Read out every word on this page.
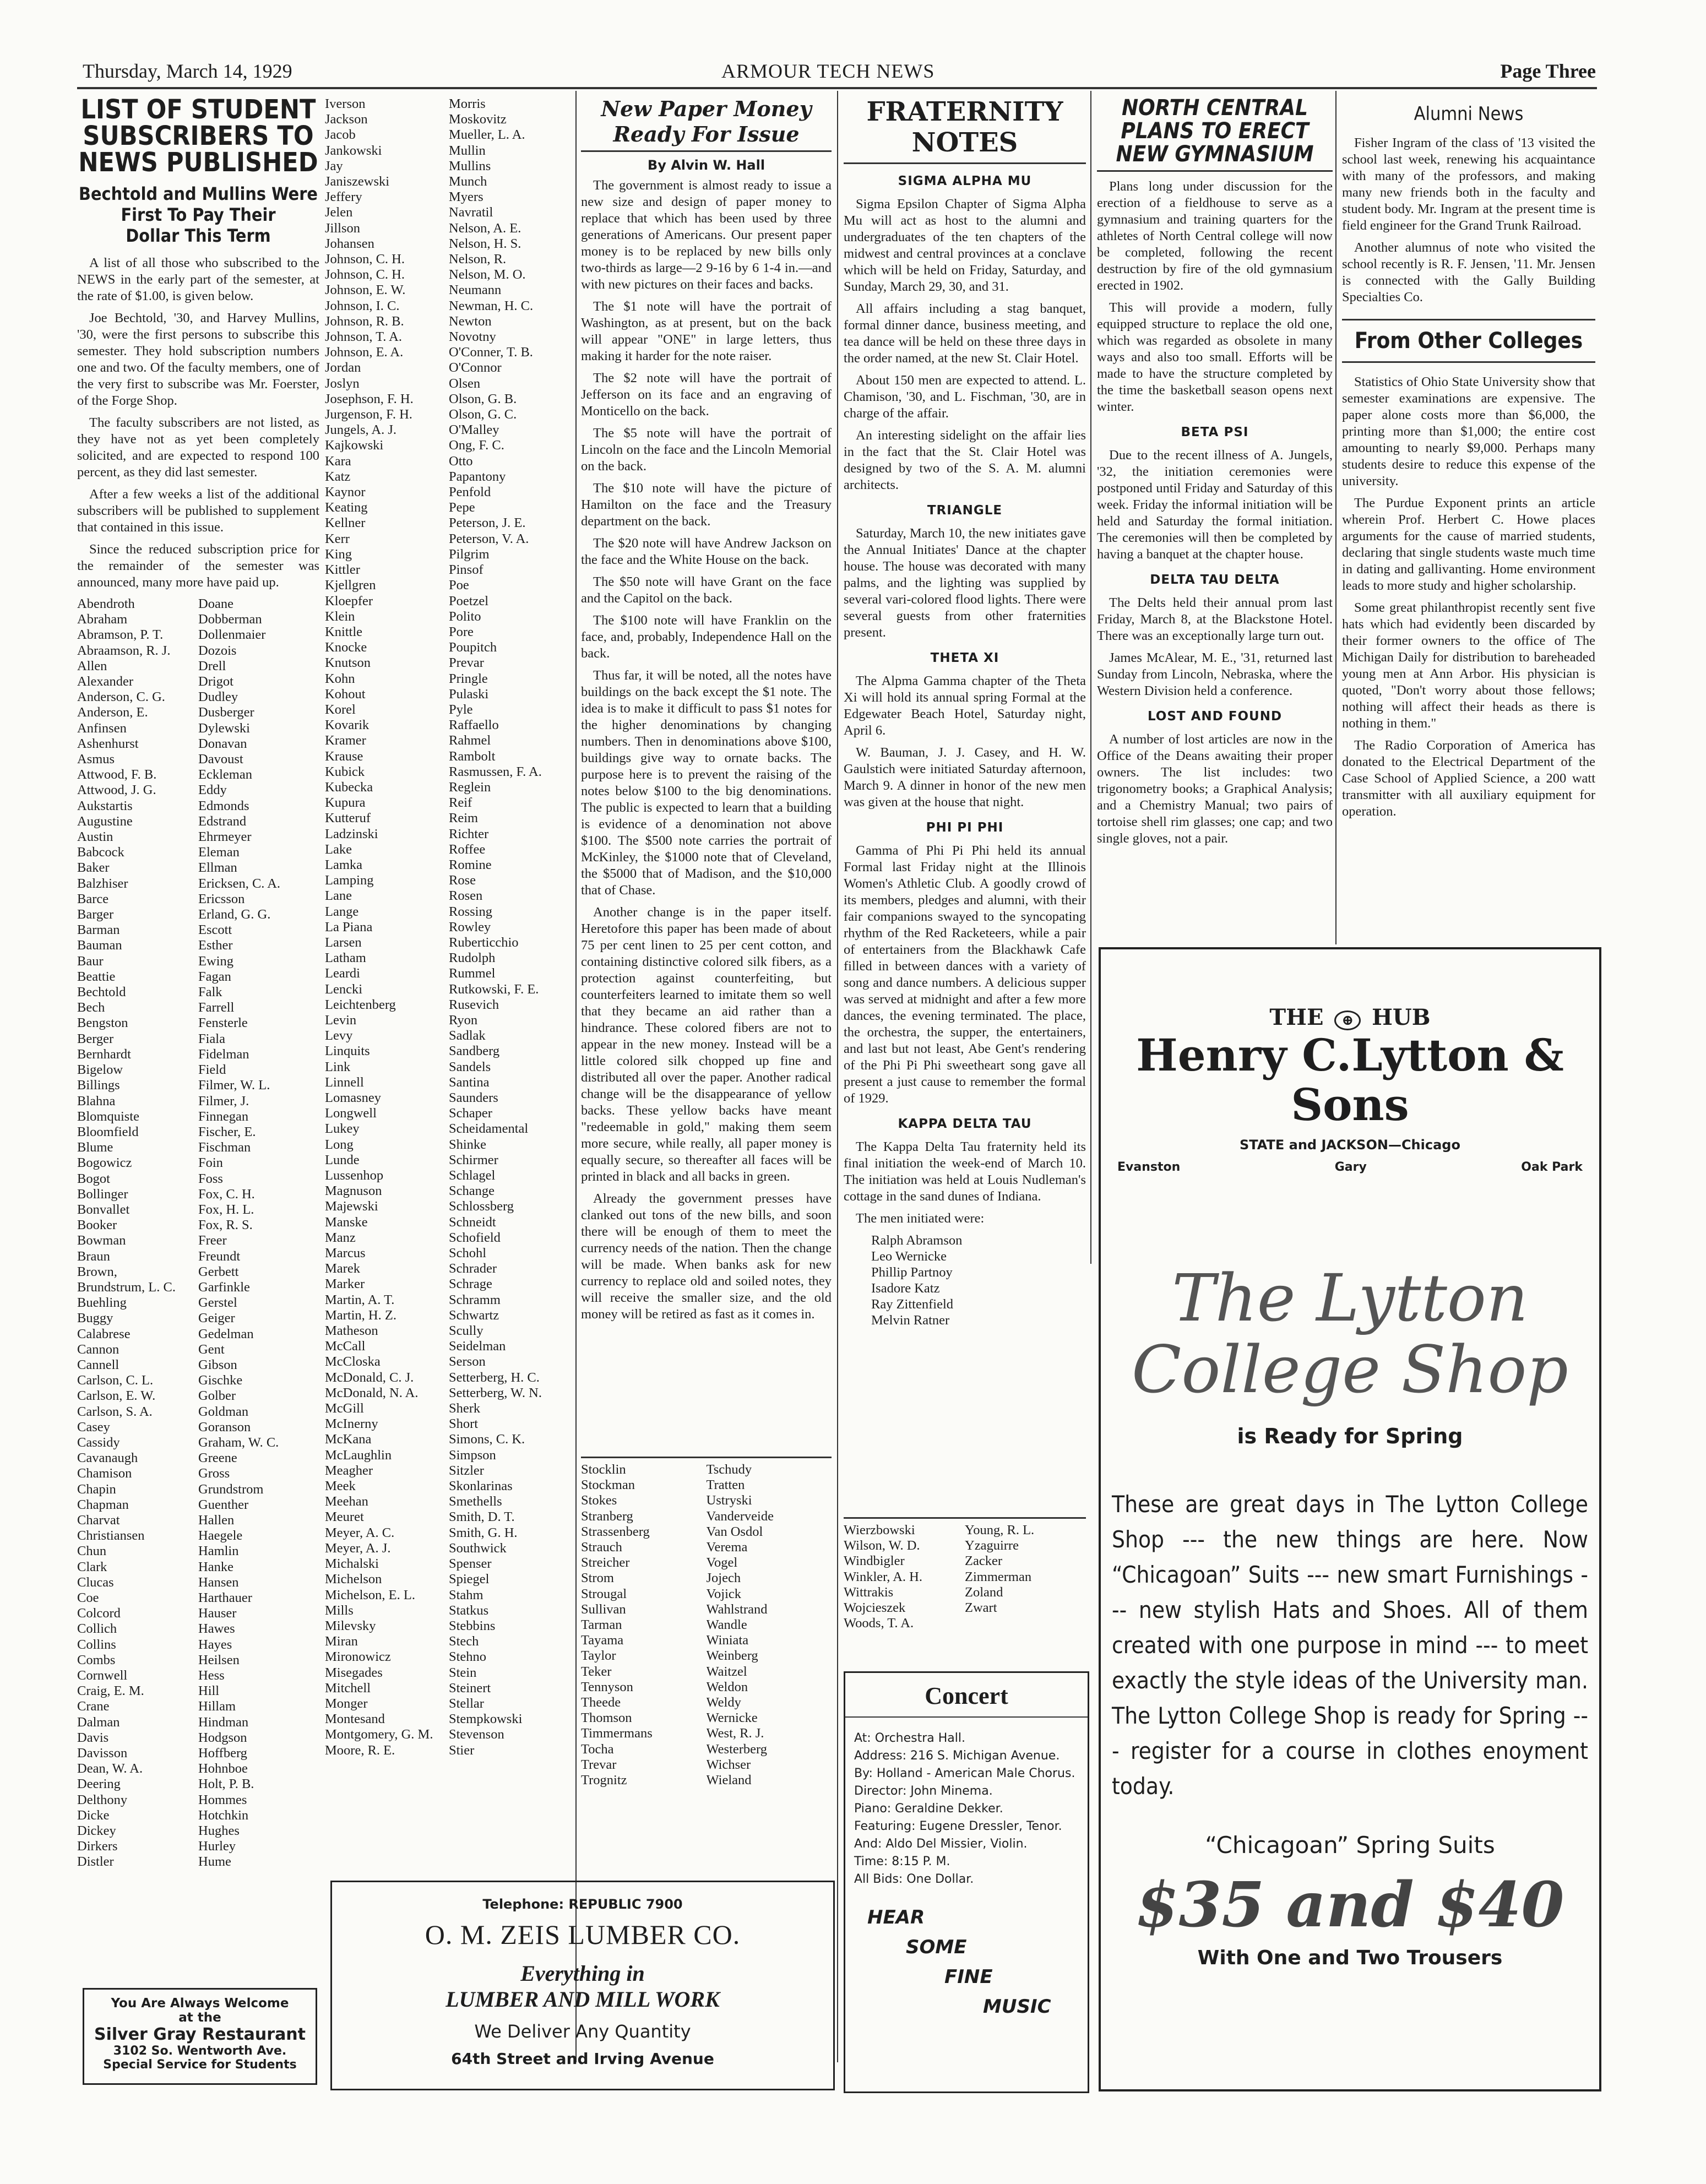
Thursday, March 14, 1929	ARMOUR TECH NEWS	Page Three
LIST OF STUDENT
SUBSCRIBERS TO
NEWS PUBLISHED
Bechtold and Mullins Were
First To Pay Their
Dollar This Term

A list of all those who subscribed to the NEWS in the early part of the semester, at the rate of $1.00, is given below.

Joe Bechtold, '30, and Harvey Mullins, '30, were the first persons to subscribe this semester. They hold subscription numbers one and two. Of the faculty members, one of the very first to subscribe was Mr. Foerster, of the Forge Shop.

The faculty subscribers are not listed, as they have not as yet been completely solicited, and are expected to respond 100 percent, as they did last semester.

After a few weeks a list of the additional subscribers will be published to supplement that contained in this issue.

Since the reduced subscription price for the remainder of the semester was announced, many more have paid up.

Abendroth	Doane
Abraham	Dobberman
Abramson, P. T.	Dollenmaier
Abraamson, R. J.	Dozois
Allen	Drell
Alexander	Drigot
Anderson, C. G.	Dudley
Anderson, E.	Dusberger
Anfinsen	Dylewski
Ashenhurst	Donavan
Asmus	Davoust
Attwood, F. B.	Eckleman
Attwood, J. G.	Eddy
Aukstartis	Edmonds
Augustine	Edstrand
Austin	Ehrmeyer
Babcock	Eleman
Baker	Ellman
Balzhiser	Ericksen, C. A.
Barce	Ericsson
Barger	Erland, G. G.
Barman	Escott
Bauman	Esther
Baur	Ewing
Beattie	Fagan
Bechtold	Falk
Bech	Farrell
Bengston	Fensterle
Berger	Fiala
Bernhardt	Fidelman
Bigelow	Field
Billings	Filmer, W. L.
Blahna	Filmer, J.
Blomquiste	Finnegan
Bloomfield	Fischer, E.
Blume	Fischman
Bogowicz	Foin
Bogot	Foss
Bollinger	Fox, C. H.
Bonvallet	Fox, H. L.
Booker	Fox, R. S.
Bowman	Freer
Braun	Freundt
Brown,	Gerbett
Brundstrum, L. C.	Garfinkle
Buehling	Gerstel
Buggy	Geiger
Calabrese	Gedelman
Cannon	Gent
Cannell	Gibson
Carlson, C. L.	Gischke
Carlson, E. W.	Golber
Carlson, S. A.	Goldman
Casey	Goranson
Cassidy	Graham, W. C.
Cavanaugh	Greene
Chamison	Gross
Chapin	Grundstrom
Chapman	Guenther
Charvat	Hallen
Christiansen	Haegele
Chun	Hamlin
Clark	Hanke
Clucas	Hansen
Coe	Harthauer
Colcord	Hauser
Collich	Hawes
Collins	Hayes
Combs	Heilsen
Cornwell	Hess
Craig, E. M.	Hill
Crane	Hillam
Dalman	Hindman
Davis	Hodgson
Davisson	Hoffberg
Dean, W. A.	Hohnboe
Deering	Holt, P. B.
Delthony	Hommes
Dicke	Hotchkin
Dickey	Hughes
Dirkers	Hurley
Distler	Hume
Iverson	Morris
Jackson	Moskovitz
Jacob	Mueller, L. A.
Jankowski	Mullin
Jay	Mullins
Janiszewski	Munch
Jeffery	Myers
Jelen	Navratil
Jillson	Nelson, A. E.
Johansen	Nelson, H. S.
Johnson, C. H.	Nelson, R.
Johnson, C. H.	Nelson, M. O.
Johnson, E. W.	Neumann
Johnson, I. C.	Newman, H. C.
Johnson, R. B.	Newton
Johnson, T. A.	Novotny
Johnson, E. A.	O'Conner, T. B.
Jordan	O'Connor
Joslyn	Olsen
Josephson, F. H.	Olson, G. B.
Jurgenson, F. H.	Olson, G. C.
Jungels, A. J.	O'Malley
Kajkowski	Ong, F. C.
Kara	Otto
Katz	Papantony
Kaynor	Penfold
Keating	Pepe
Kellner	Peterson, J. E.
Kerr	Peterson, V. A.
King	Pilgrim
Kittler	Pinsof
Kjellgren	Poe
Kloepfer	Poetzel
Klein	Polito
Knittle	Pore
Knocke	Poupitch
Knutson	Prevar
Kohn	Pringle
Kohout	Pulaski
Korel	Pyle
Kovarik	Raffaello
Kramer	Rahmel
Krause	Rambolt
Kubick	Rasmussen, F. A.
Kubecka	Reglein
Kupura	Reif
Kutteruf	Reim
Ladzinski	Richter
Lake	Roffee
Lamka	Romine
Lamping	Rose
Lane	Rosen
Lange	Rossing
La Piana	Rowley
Larsen	Ruberticchio
Latham	Rudolph
Leardi	Rummel
Lencki	Rutkowski, F. E.
Leichtenberg	Rusevich
Levin	Ryon
Levy	Sadlak
Linquits	Sandberg
Link	Sandels
Linnell	Santina
Lomasney	Saunders
Longwell	Schaper
Lukey	Scheidamental
Long	Shinke
Lunde	Schirmer
Lussenhop	Schlagel
Magnuson	Schange
Majewski	Schlossberg
Manske	Schneidt
Manz	Schofield
Marcus	Schohl
Marek	Schrader
Marker	Schrage
Martin, A. T.	Schramm
Martin, H. Z.	Schwartz
Matheson	Scully
McCall	Seidelman
McCloska	Serson
McDonald, C. J.	Setterberg, H. C.
McDonald, N. A.	Setterberg, W. N.
McGill	Sherk
McInerny	Short
McKana	Simons, C. K.
McLaughlin	Simpson
Meagher	Sitzler
Meek	Skonlarinas
Meehan	Smethells
Meuret	Smith, D. T.
Meyer, A. C.	Smith, G. H.
Meyer, A. J.	Southwick
Michalski	Spenser
Michelson	Spiegel
Michelson, E. L.	Stahm
Mills	Statkus
Milevsky	Stebbins
Miran	Stech
Mironowicz	Stehno
Misegades	Stein
Mitchell	Steinert
Monger	Stellar
Montesand	Stempkowski
Montgomery, G. M.	Stevenson
Moore, R. E.	Stier
You Are Always Welcome
at the
Silver Gray Restaurant
3102 So. Wentworth Ave.
Special Service for Students
New Paper Money
Ready For Issue
By Alvin W. Hall

The government is almost ready to issue a new size and design of paper money to replace that which has been used by three generations of Americans. Our present paper money is to be replaced by new bills only two-thirds as large—2 9-16 by 6 1-4 in.—and with new pictures on their faces and backs.

The $1 note will have the portrait of Washington, as at present, but on the back will appear "ONE" in large letters, thus making it harder for the note raiser.

The $2 note will have the portrait of Jefferson on its face and an engraving of Monticello on the back.

The $5 note will have the portrait of Lincoln on the face and the Lincoln Memorial on the back.

The $10 note will have the picture of Hamilton on the face and the Treasury department on the back.

The $20 note will have Andrew Jackson on the face and the White House on the back.

The $50 note will have Grant on the face and the Capitol on the back.

The $100 note will have Franklin on the face, and, probably, Independence Hall on the back.

Thus far, it will be noted, all the notes have buildings on the back except the $1 note. The idea is to make it difficult to pass $1 notes for the higher denominations by changing numbers. Then in denominations above $100, buildings give way to ornate backs. The purpose here is to prevent the raising of the notes below $100 to the big denominations. The public is expected to learn that a building is evidence of a denomination not above $100. The $500 note carries the portrait of McKinley, the $1000 note that of Cleveland, the $5000 that of Madison, and the $10,000 that of Chase.

Another change is in the paper itself. Heretofore this paper has been made of about 75 per cent linen to 25 per cent cotton, and containing distinctive colored silk fibers, as a protection against counterfeiting, but counterfeiters learned to imitate them so well that they became an aid rather than a hindrance. These colored fibers are not to appear in the new money. Instead will be a little colored silk chopped up fine and distributed all over the paper. Another radical change will be the disappearance of yellow backs. These yellow backs have meant "redeemable in gold," making them seem more secure, while really, all paper money is equally secure, so thereafter all faces will be printed in black and all backs in green.

Already the government presses have clanked out tons of the new bills, and soon there will be enough of them to meet the currency needs of the nation. Then the change will be made. When banks ask for new currency to replace old and soiled notes, they will receive the smaller size, and the old money will be retired as fast as it comes in.

Stocklin	Tschudy
Stockman	Tratten
Stokes	Ustryski
Stranberg	Vanderveide
Strassenberg	Van Osdol
Strauch	Verema
Streicher	Vogel
Strom	Jojech
Strougal	Vojick
Sullivan	Wahlstrand
Tarman	Wandle
Tayama	Winiata
Taylor	Weinberg
Teker	Waitzel
Tennyson	Weldon
Theede	Weldy
Thomson	Wernicke
Timmermans	West, R. J.
Tocha	Westerberg
Trevar	Wichser
Trognitz	Wieland
Telephone: REPUBLIC 7900
O. M. ZEIS LUMBER CO.
Everything in
LUMBER AND MILL WORK
We Deliver Any Quantity
64th Street and Irving Avenue
FRATERNITY
NOTES
SIGMA ALPHA MU

Sigma Epsilon Chapter of Sigma Alpha Mu will act as host to the alumni and undergraduates of the ten chapters of the midwest and central provinces at a conclave which will be held on Friday, Saturday, and Sunday, March 29, 30, and 31.

All affairs including a stag banquet, formal dinner dance, business meeting, and tea dance will be held on these three days in the order named, at the new St. Clair Hotel.

About 150 men are expected to attend. L. Chamison, '30, and L. Fischman, '30, are in charge of the affair.

An interesting sidelight on the affair lies in the fact that the St. Clair Hotel was designed by two of the S. A. M. alumni architects.

TRIANGLE

Saturday, March 10, the new initiates gave the Annual Initiates' Dance at the chapter house. The house was decorated with many palms, and the lighting was supplied by several vari-colored flood lights. There were several guests from other fraternities present.

THETA XI

The Alpma Gamma chapter of the Theta Xi will hold its annual spring Formal at the Edgewater Beach Hotel, Saturday night, April 6.

W. Bauman, J. J. Casey, and H. W. Gaulstich were initiated Saturday afternoon, March 9. A dinner in honor of the new men was given at the house that night.

PHI PI PHI

Gamma of Phi Pi Phi held its annual Formal last Friday night at the Illinois Women's Athletic Club. A goodly crowd of its members, pledges and alumni, with their fair companions swayed to the syncopating rhythm of the Red Racketeers, while a pair of entertainers from the Blackhawk Cafe filled in between dances with a variety of song and dance numbers. A delicious supper was served at midnight and after a few more dances, the evening terminated. The place, the orchestra, the supper, the entertainers, and last but not least, Abe Gent's rendering of the Phi Pi Phi sweetheart song gave all present a just cause to remember the formal of 1929.

KAPPA DELTA TAU

The Kappa Delta Tau fraternity held its final initiation the week-end of March 10. The initiation was held at Louis Nudleman's cottage in the sand dunes of Indiana.

The men initiated were:

Ralph Abramson
Leo Wernicke
Phillip Partnoy
Isadore Katz
Ray Zittenfield
Melvin Ratner
Wierzbowski	Young, R. L.
Wilson, W. D.	Yzaguirre
Windbigler	Zacker
Winkler, A. H.	Zimmerman
Wittrakis	Zoland
Wojcieszek	Zwart
Woods, T. A.
Concert
At: Orchestra Hall.
Address: 216 S. Michigan Avenue.
By: Holland - American Male Chorus.
Director: John Minema.
Piano: Geraldine Dekker.
Featuring: Eugene Dressler, Tenor.
And: Aldo Del Missier, Violin.
Time: 8:15 P. M.
All Bids: One Dollar.
HEAR
SOME
FINE
MUSIC
NORTH CENTRAL
PLANS TO ERECT
NEW GYMNASIUM

Plans long under discussion for the erection of a fieldhouse to serve as a gymnasium and training quarters for the athletes of North Central college will now be completed, following the recent destruction by fire of the old gymnasium erected in 1902.

This will provide a modern, fully equipped structure to replace the old one, which was regarded as obsolete in many ways and also too small. Efforts will be made to have the structure completed by the time the basketball season opens next winter.

BETA PSI

Due to the recent illness of A. Jungels, '32, the initiation ceremonies were postponed until Friday and Saturday of this week. Friday the informal initiation will be held and Saturday the formal initiation. The ceremonies will then be completed by having a banquet at the chapter house.

DELTA TAU DELTA

The Delts held their annual prom last Friday, March 8, at the Blackstone Hotel. There was an exceptionally large turn out.

James McAlear, M. E., '31, returned last Sunday from Lincoln, Nebraska, where the Western Division held a conference.

LOST AND FOUND

A number of lost articles are now in the Office of the Deans awaiting their proper owners. The list includes: two trigonometry books; a Graphical Analysis; and a Chemistry Manual; two pairs of tortoise shell rim glasses; one cap; and two single gloves, not a pair.

Alumni News

Fisher Ingram of the class of '13 visited the school last week, renewing his acquaintance with many of the professors, and making many new friends both in the faculty and student body. Mr. Ingram at the present time is field engineer for the Grand Trunk Railroad.

Another alumnus of note who visited the school recently is R. F. Jensen, '11. Mr. Jensen is connected with the Gally Building Specialties Co.

From Other Colleges

Statistics of Ohio State University show that semester examinations are expensive. The paper alone costs more than $6,000, the printing more than $1,000; the entire cost amounting to nearly $9,000. Perhaps many students desire to reduce this expense of the university.

The Purdue Exponent prints an article wherein Prof. Herbert C. Howe places arguments for the cause of married students, declaring that single students waste much time in dating and gallivanting. Home environment leads to more study and higher scholarship.

Some great philanthropist recently sent five hats which had evidently been discarded by their former owners to the office of The Michigan Daily for distribution to bareheaded young men at Ann Arbor. His physician is quoted, "Don't worry about those fellows; nothing will affect their heads as there is nothing in them."

The Radio Corporation of America has donated to the Electrical Department of the Case School of Applied Science, a 200 watt transmitter with all auxiliary equipment for operation.

THE ⊕ HUB
Henry C.Lytton & Sons
STATE and JACKSON—Chicago
Evanston	Gary	Oak Park
The Lytton
College Shop
is Ready for Spring
These are great days in The Lytton College Shop --- the new things are here. Now “Chicagoan” Suits --- new smart Furnishings --- new stylish Hats and Shoes. All of them created with one purpose in mind --- to meet exactly the style ideas of the University man. The Lytton College Shop is ready for Spring --- register for a course in clothes enoyment today.
“Chicagoan” Spring Suits
$35 and $40
With One and Two Trousers
